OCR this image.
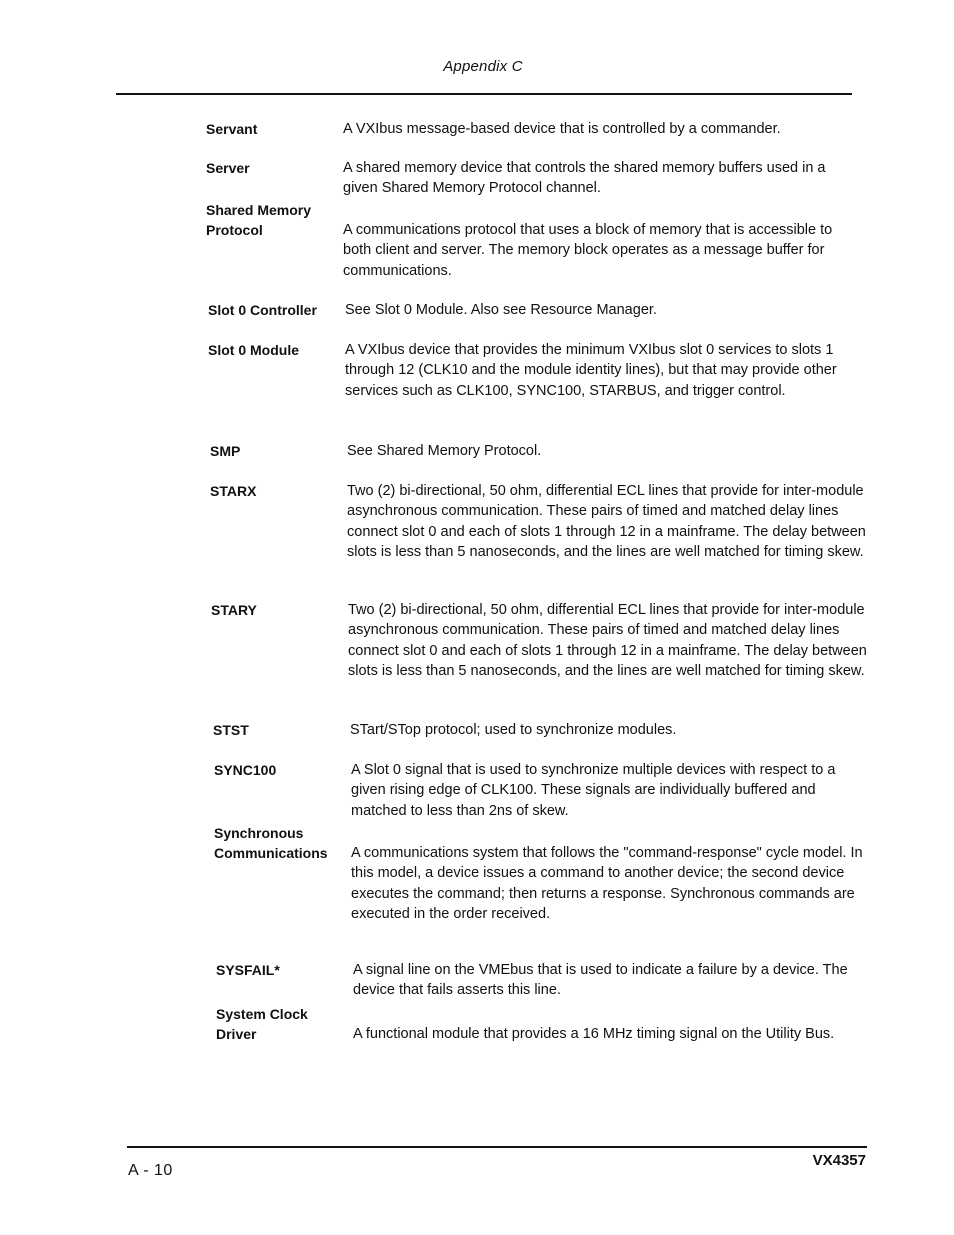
Appendix C
Servant	A VXIbus message-based device that is controlled by a commander.
Server	A shared memory device that controls the shared memory buffers used in a given Shared Memory Protocol channel.
Shared Memory
Protocol	A communications protocol that uses a block of memory that is accessible to both client and server. The memory block operates as a message buffer for communications.
Slot 0 Controller	See Slot 0 Module. Also see Resource Manager.
Slot 0 Module	A VXIbus device that provides the minimum VXIbus slot 0 services to slots 1 through 12 (CLK10 and the module identity lines), but that may provide other services such as CLK100, SYNC100, STARBUS, and trigger control.
SMP	See Shared Memory Protocol.
STARX	Two (2) bi-directional, 50 ohm, differential ECL lines that provide for inter-module asynchronous communication. These pairs of timed and matched delay lines connect slot 0 and each of slots 1 through 12 in a mainframe. The delay between slots is less than 5 nanoseconds, and the lines are well matched for timing skew.
STARY	Two (2) bi-directional, 50 ohm, differential ECL lines that provide for inter-module asynchronous communication. These pairs of timed and matched delay lines connect slot 0 and each of slots 1 through 12 in a mainframe. The delay between slots is less than 5 nanoseconds, and the lines are well matched for timing skew.
STST	STart/STop protocol; used to synchronize modules.
SYNC100	A Slot 0 signal that is used to synchronize multiple devices with respect to a given rising edge of CLK100. These signals are individually buffered and matched to less than 2ns of skew.
Synchronous
Communications	A communications system that follows the "command-response" cycle model. In this model, a device issues a command to another device; the second device executes the command; then returns a response. Synchronous commands are executed in the order received.
SYSFAIL*	A signal line on the VMEbus that is used to indicate a failure by a device. The device that fails asserts this line.
System Clock
Driver	A functional module that provides a 16 MHz timing signal on the Utility Bus.
A - 10
VX4357
